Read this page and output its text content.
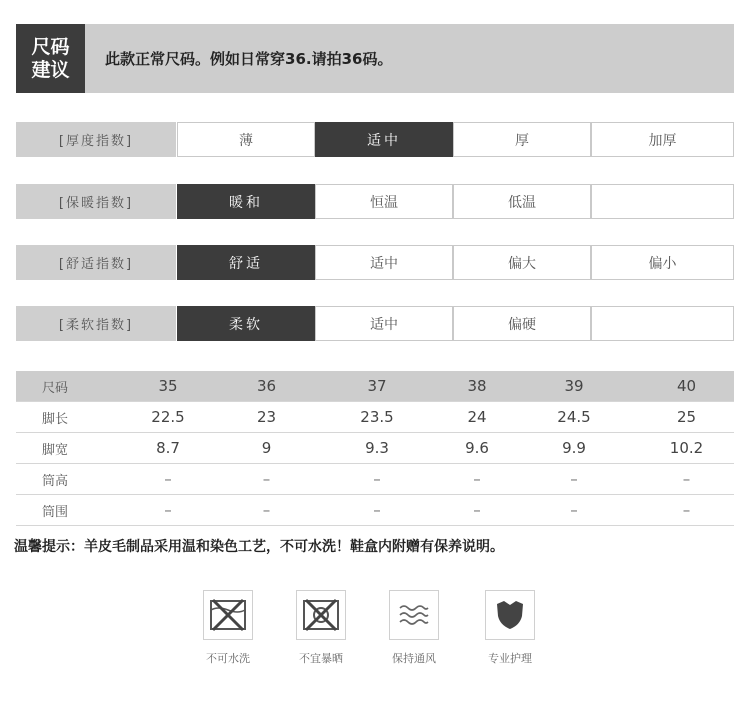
尺码
建议 此款正常尺码。例如日常穿36.请拍36码。
[厚度指数]	薄	适中	厚	加厚
[保暖指数]	暖和	恒温	低温
[舒适指数]	舒适	适中	偏大	偏小
[柔软指数]	柔软	适中	偏硬
尺码	35	36	37	38	39	40
脚长	22.5	23	23.5	24	24.5	25
脚宽	8.7	9	9.3	9.6	9.9	10.2
筒高	–	–	–	–	–	–
筒围	–	–	–	–	–	–
温馨提示：羊皮毛制品采用温和染色工艺，不可水洗！鞋盒内附赠有保养说明。
不可水洗	不宜暴晒	保持通风	专业护理
